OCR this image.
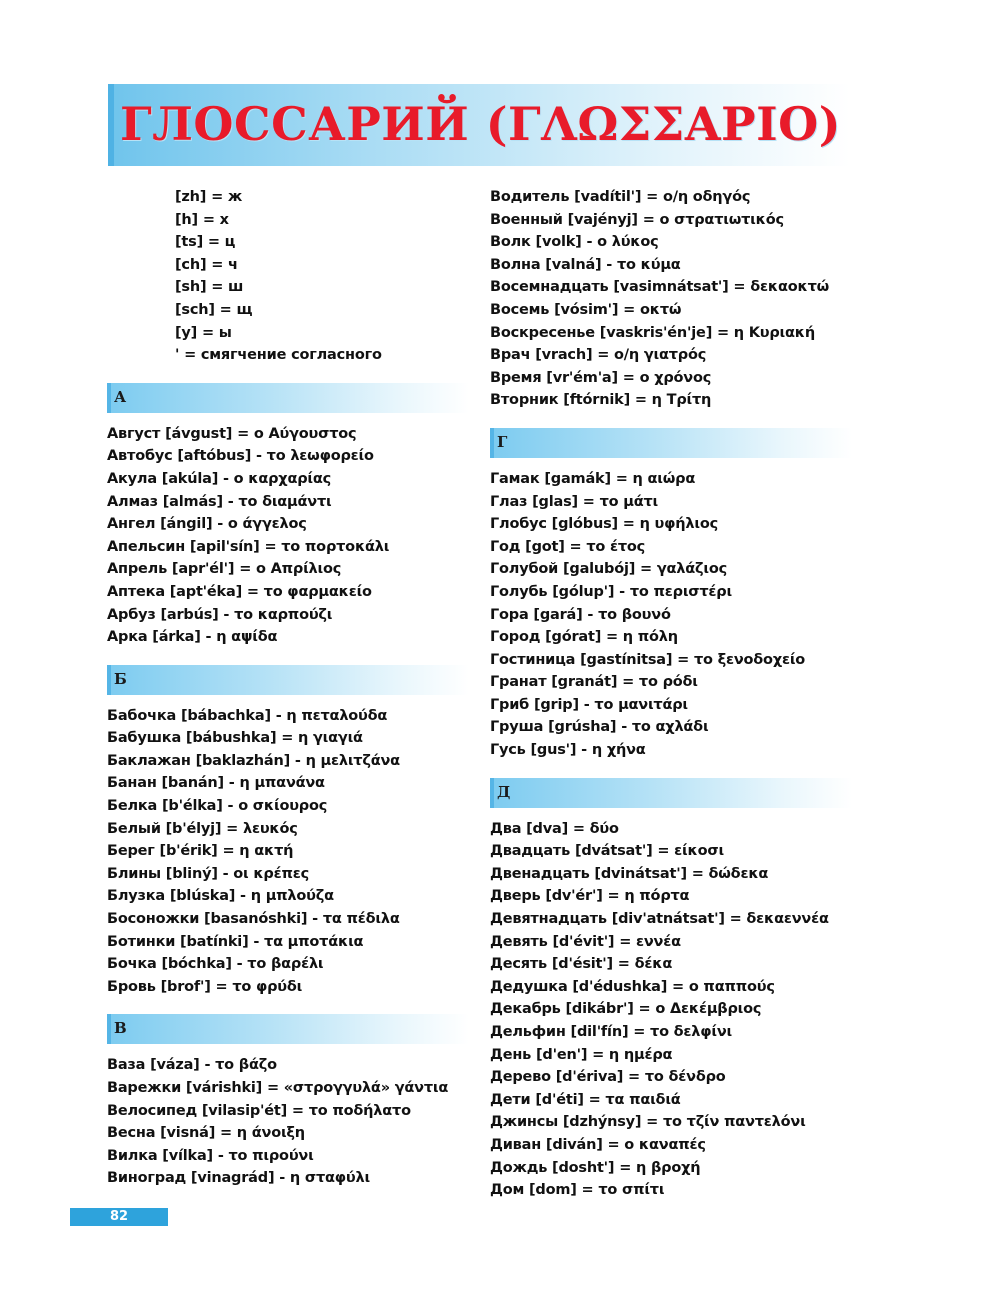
ГЛОССАРИЙ (ΓΛΩΣΣΑΡΙΟ)
[zh] = ж
[h] = х
[ts] = ц
[ch] = ч
[sh] = ш
[sch] = щ
[y] = ы
' = смягчение согласного
А
Август [ávgust] = ο Αύγουστος
Автобус [aftóbus] - το λεωφορείο
Акула [akúla] - ο καρχαρίας
Алмаз [almás] - το διαμάντι
Ангел [ángil] - ο άγγελος
Апельсин [apil'sín] = το πορτοκάλι
Апрель [apr'él'] = ο Απρίλιος
Аптека [apt'éka] = το φαρμακείο
Арбуз [arbús] - το καρπούζι
Арка [árka] - η αψίδα
Б
Бабочка [bábachka] - η πεταλούδα
Бабушка [bábushka] = η γιαγιά
Баклажан [baklazhán] - η μελιτζάνα
Банан [banán] - η μπανάνα
Белка [b'élka] - ο σκίουρος
Белый [b'élyj] = λευκός
Берег [b'érik] = η ακτή
Блины [bliný] - οι κρέπες
Блузка [blúska] - η μπλούζα
Босоножки [basanóshki] - τα πέδιλα
Ботинки [batínki] - τα μποτάκια
Бочка [bóchka] - το βαρέλι
Бровь [brof'] = το φρύδι
В
Ваза [váza] - το βάζο
Варежки [várishki] = «στρογγυλά» γάντια
Велосипед [vilasip'ét] = το ποδήλατο
Весна [visná] = η άνοιξη
Вилка [vílka] - το πιρούνι
Виноград [vinagrád] - η σταφύλι
Водитель [vadítil'] = ο/η οδηγός
Военный [vajényj] = ο στρατιωτικός
Волк [volk] - ο λύκος
Волна [valná] - το κύμα
Восемнадцать [vasimnátsat'] = δεκαοκτώ
Восемь [vósim'] = οκτώ
Воскресенье [vaskris'én'je] = η Κυριακή
Врач [vrach] = ο/η γιατρός
Время [vr'ém'a] = ο χρόνος
Вторник [ftórnik] = η Τρίτη
Г
Гамак [gamák] = η αιώρα
Глаз [glas] = το μάτι
Глобус [glóbus] = η υφήλιος
Год [got] = το έτος
Голубой [galubój] = γαλάζιος
Голубь [gólup'] - το περιστέρι
Гора [gará] - το βουνό
Город [górat] = η πόλη
Гостиница [gastínitsa] = το ξενοδοχείο
Гранат [granát] = το ρόδι
Гриб [grip] - το μανιτάρι
Груша [grúsha] - το αχλάδι
Гусь [gus'] - η χήνα
Д
Два [dva] = δύο
Двадцать [dvátsat'] = είκοσι
Двенадцать [dvinátsat'] = δώδεκα
Дверь [dv'ér'] = η πόρτα
Девятнадцать [div'atnátsat'] = δεκαεννέα
Девять [d'évit'] = εννέα
Десять [d'ésit'] = δέκα
Дедушка [d'édushka] = ο παππούς
Декабрь [dikábr'] = ο Δεκέμβριος
Дельфин [dil'fín] = το δελφίνι
День [d'en'] = η ημέρα
Дерево [d'ériva] = το δένδρο
Дети [d'éti] = τα παιδιά
Джинсы [dzhýnsy] = το τζίν παντελόνι
Диван [diván] = ο καναπές
Дождь [dosht'] = η βροχή
Дом [dom] = το σπίτι
82
